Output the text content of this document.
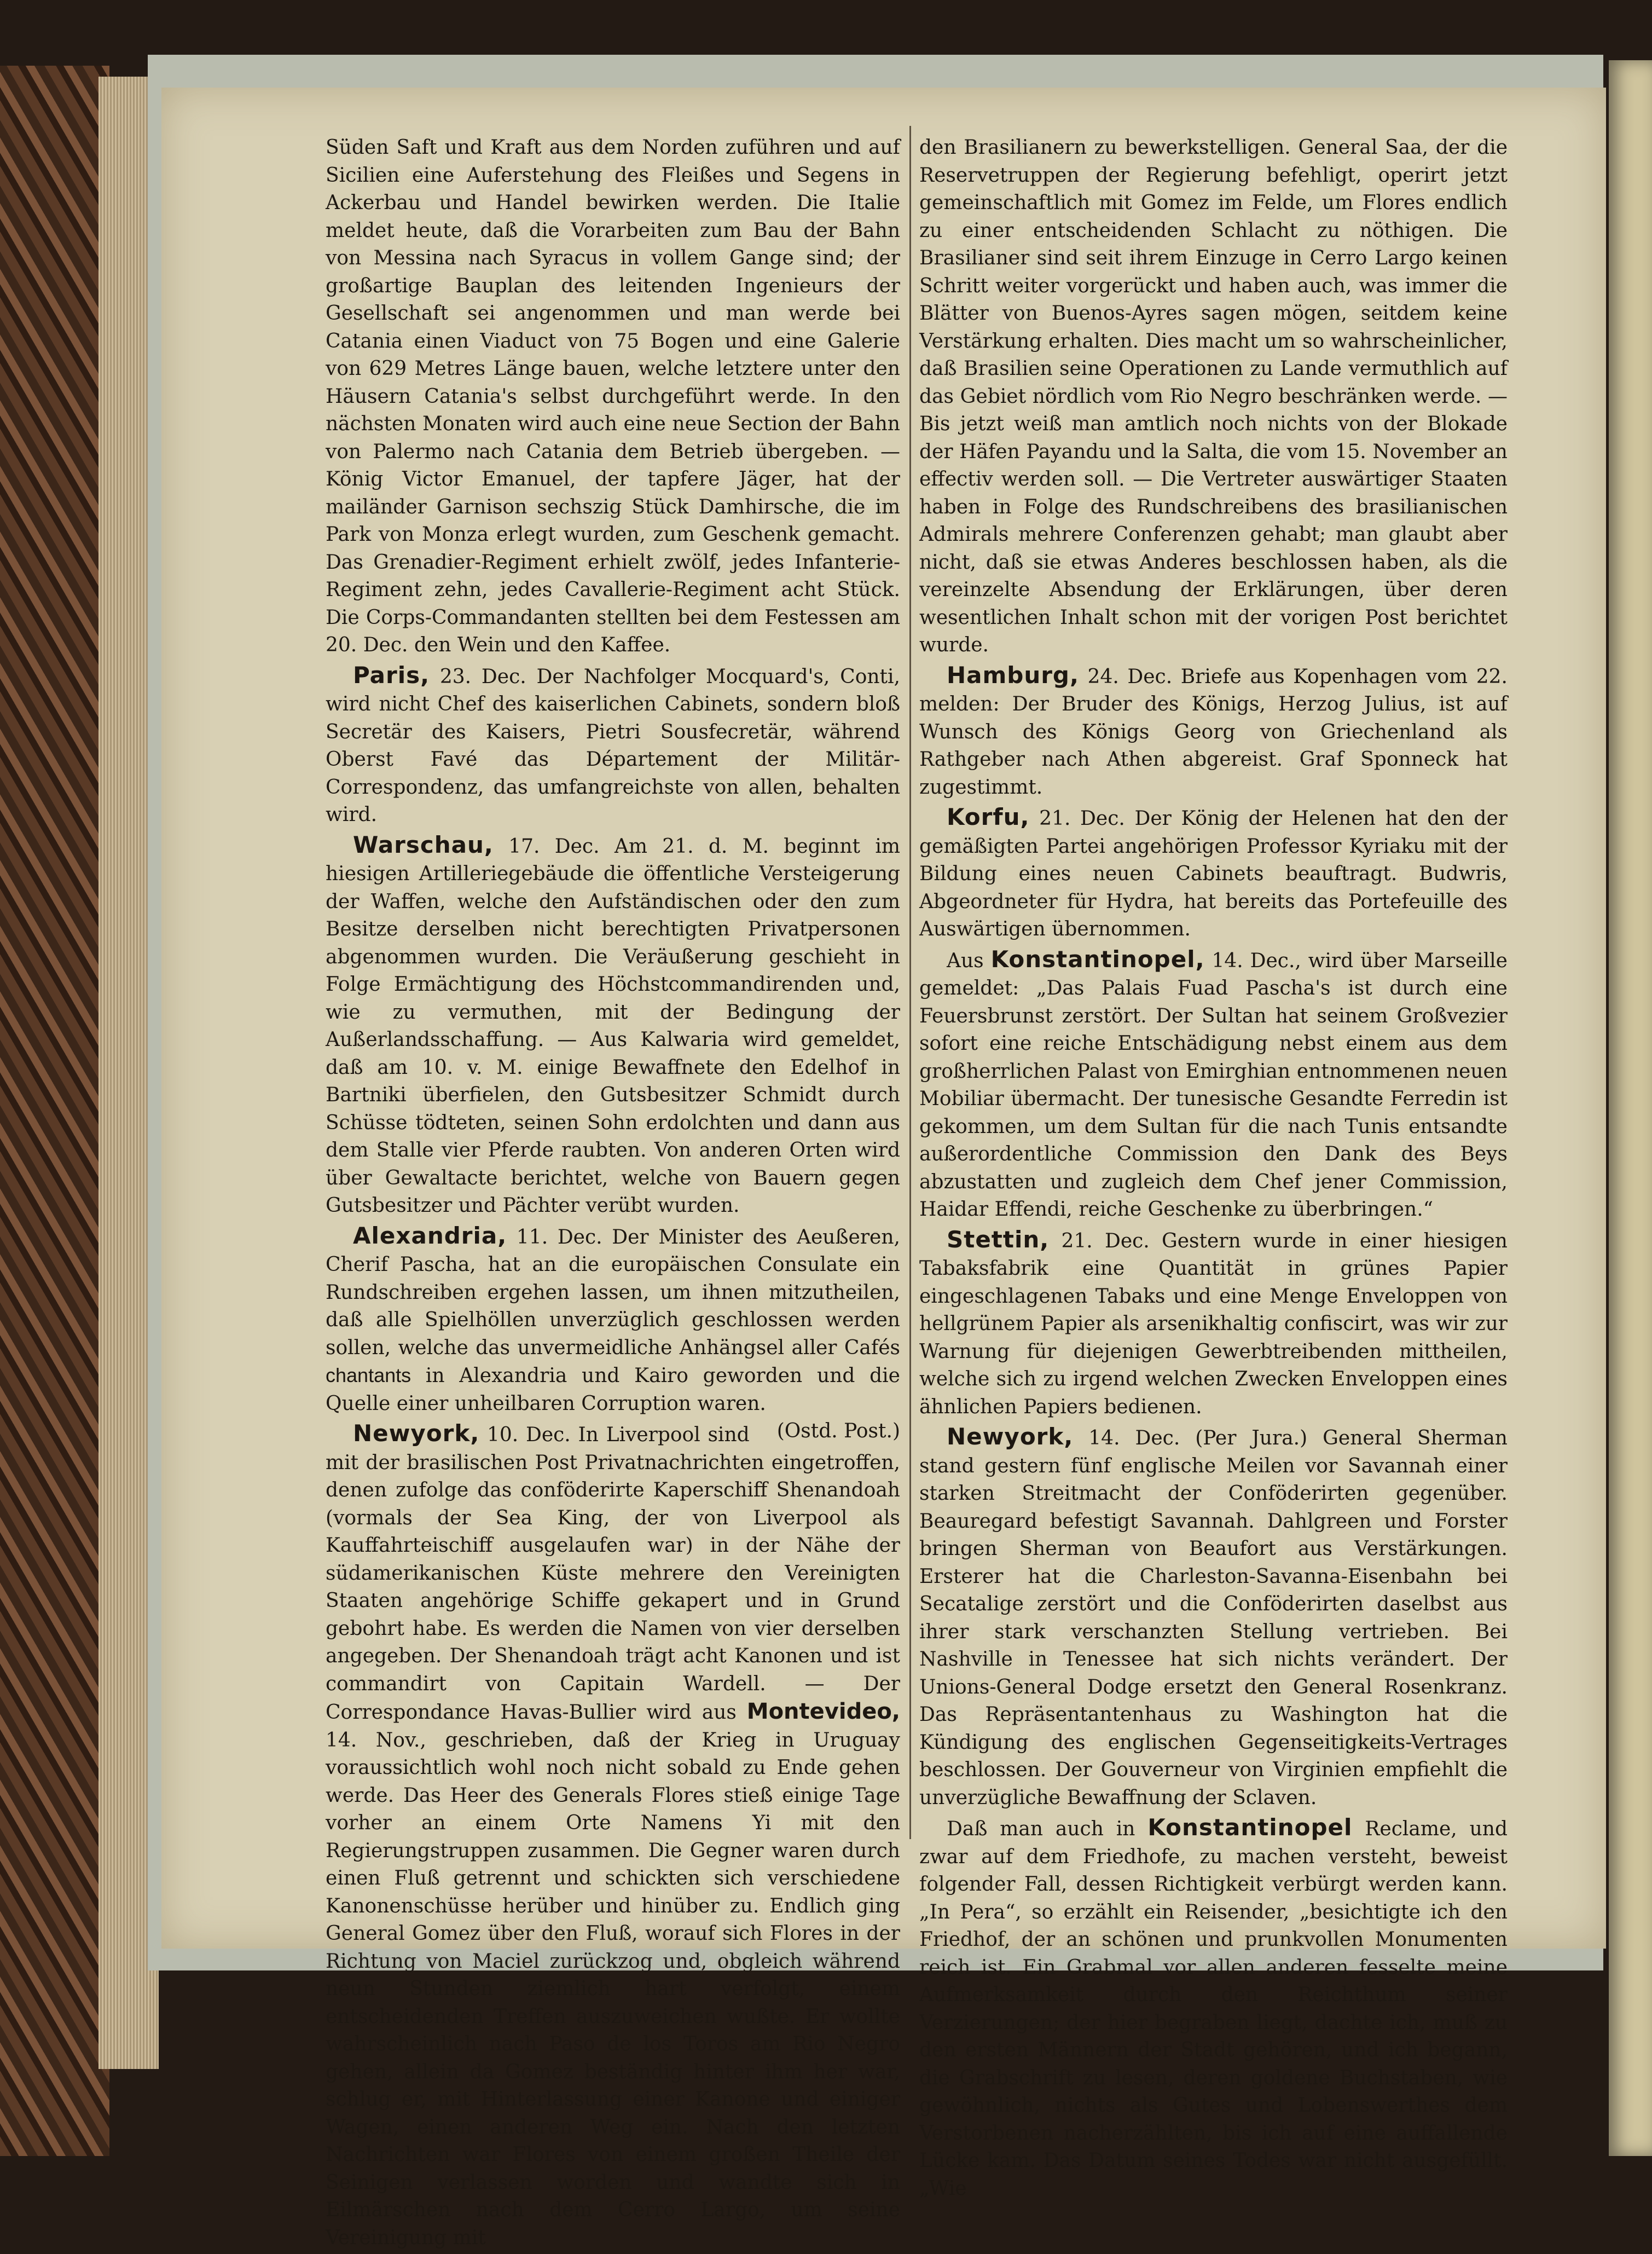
Süden Saft und Kraft aus dem Norden zuführen und auf Sicilien eine Auferstehung des Fleißes und Segens in Ackerbau und Handel bewirken werden. Die Italie meldet heute, daß die Vorarbeiten zum Bau der Bahn von Messina nach Syracus in vollem Gange sind; der großartige Bauplan des leitenden Ingenieurs der Gesellschaft sei angenommen und man werde bei Catania einen Viaduct von 75 Bogen und eine Galerie von 629 Metres Länge bauen, welche letztere unter den Häusern Catania's selbst durchgeführt werde. In den nächsten Monaten wird auch eine neue Section der Bahn von Palermo nach Catania dem Betrieb übergeben. — König Victor Emanuel, der tapfere Jäger, hat der mailänder Garnison sechszig Stück Damhirsche, die im Park von Monza erlegt wurden, zum Geschenk gemacht. Das Grenadier-Regiment erhielt zwölf, jedes Infanterie-Regiment zehn, jedes Cavallerie-Regiment acht Stück. Die Corps-Commandanten stellten bei dem Festessen am 20. Dec. den Wein und den Kaffee.

Paris, 23. Dec. Der Nachfolger Mocquard's, Conti, wird nicht Chef des kaiserlichen Cabinets, sondern bloß Secretär des Kaisers, Pietri Sousfecretär, während Oberst Favé das Département der Militär-Correspondenz, das umfangreichste von allen, behalten wird.

Warschau, 17. Dec. Am 21. d. M. beginnt im hiesigen Artilleriegebäude die öffentliche Versteigerung der Waffen, welche den Aufständischen oder den zum Besitze derselben nicht berechtigten Privatpersonen abgenommen wurden. Die Veräußerung geschieht in Folge Ermächtigung des Höchstcommandirenden und, wie zu vermuthen, mit der Bedingung der Außerlandsschaffung. — Aus Kalwaria wird gemeldet, daß am 10. v. M. einige Bewaffnete den Edelhof in Bartniki überfielen, den Gutsbesitzer Schmidt durch Schüsse tödteten, seinen Sohn erdolchten und dann aus dem Stalle vier Pferde raubten. Von anderen Orten wird über Gewaltacte berichtet, welche von Bauern gegen Gutsbesitzer und Pächter verübt wurden.

Alexandria, 11. Dec. Der Minister des Aeußeren, Cherif Pascha, hat an die europäischen Consulate ein Rundschreiben ergehen lassen, um ihnen mitzutheilen, daß alle Spielhöllen unverzüglich geschlossen werden sollen, welche das unvermeidliche Anhängsel aller Cafés chantants in Alexandria und Kairo geworden und die Quelle einer unheilbaren Corruption waren.
(Ostd. Post.)

Newyork, 10. Dec. In Liverpool sind mit der brasilischen Post Privatnachrichten eingetroffen, denen zufolge das conföderirte Kaperschiff Shenandoah (vormals der Sea King, der von Liverpool als Kauffahrteischiff ausgelaufen war) in der Nähe der südamerikanischen Küste mehrere den Vereinigten Staaten angehörige Schiffe gekapert und in Grund gebohrt habe. Es werden die Namen von vier derselben angegeben. Der Shenandoah trägt acht Kanonen und ist commandirt von Capitain Wardell. — Der Correspondance Havas-Bullier wird aus Montevideo, 14. Nov., geschrieben, daß der Krieg in Uruguay voraussichtlich wohl noch nicht sobald zu Ende gehen werde. Das Heer des Generals Flores stieß einige Tage vorher an einem Orte Namens Yi mit den Regierungstruppen zusammen. Die Gegner waren durch einen Fluß getrennt und schickten sich verschiedene Kanonenschüsse herüber und hinüber zu. Endlich ging General Gomez über den Fluß, worauf sich Flores in der Richtung von Maciel zurückzog und, obgleich während neun Stunden ziemlich hart verfolgt, einem entscheidenden Treffen auszuweichen wußte. Er wollte wahrscheinlich nach Paso de los Toros am Rio Negro gehen, allein da Gomez beständig hinter ihm her war, schlug er, mit Hinterlassung einer Kanone und einiger Wagen, einen anderen Weg ein. Nach den letzten Nachrichten war Flores von einem großen Theile der Seinigen verlassen worden und wandte sich in Eilmärschen nach dem Cerro Largo, um seine Vereinigung mit

den Brasilianern zu bewerkstelligen. General Saa, der die Reservetruppen der Regierung befehligt, operirt jetzt gemeinschaftlich mit Gomez im Felde, um Flores endlich zu einer entscheidenden Schlacht zu nöthigen. Die Brasilianer sind seit ihrem Einzuge in Cerro Largo keinen Schritt weiter vorgerückt und haben auch, was immer die Blätter von Buenos-Ayres sagen mögen, seitdem keine Verstärkung erhalten. Dies macht um so wahrscheinlicher, daß Brasilien seine Operationen zu Lande vermuthlich auf das Gebiet nördlich vom Rio Negro beschränken werde. — Bis jetzt weiß man amtlich noch nichts von der Blokade der Häfen Payandu und la Salta, die vom 15. November an effectiv werden soll. — Die Vertreter auswärtiger Staaten haben in Folge des Rundschreibens des brasilianischen Admirals mehrere Conferenzen gehabt; man glaubt aber nicht, daß sie etwas Anderes beschlossen haben, als die vereinzelte Absendung der Erklärungen, über deren wesentlichen Inhalt schon mit der vorigen Post berichtet wurde.

Hamburg, 24. Dec. Briefe aus Kopenhagen vom 22. melden: Der Bruder des Königs, Herzog Julius, ist auf Wunsch des Königs Georg von Griechenland als Rathgeber nach Athen abgereist. Graf Sponneck hat zugestimmt.

Korfu, 21. Dec. Der König der Helenen hat den der gemäßigten Partei angehörigen Professor Kyriaku mit der Bildung eines neuen Cabinets beauftragt. Budwris, Abgeordneter für Hydra, hat bereits das Portefeuille des Auswärtigen übernommen.

Aus Konstantinopel, 14. Dec., wird über Marseille gemeldet: „Das Palais Fuad Pascha's ist durch eine Feuersbrunst zerstört. Der Sultan hat seinem Großvezier sofort eine reiche Entschädigung nebst einem aus dem großherrlichen Palast von Emirghian entnommenen neuen Mobiliar übermacht. Der tunesische Gesandte Ferredin ist gekommen, um dem Sultan für die nach Tunis entsandte außerordentliche Commission den Dank des Beys abzustatten und zugleich dem Chef jener Commission, Haidar Effendi, reiche Geschenke zu überbringen.“

Stettin, 21. Dec. Gestern wurde in einer hiesigen Tabaksfabrik eine Quantität in grünes Papier eingeschlagenen Tabaks und eine Menge Enveloppen von hellgrünem Papier als arsenikhaltig confiscirt, was wir zur Warnung für diejenigen Gewerbtreibenden mittheilen, welche sich zu irgend welchen Zwecken Enveloppen eines ähnlichen Papiers bedienen.

Newyork, 14. Dec. (Per Jura.) General Sherman stand gestern fünf englische Meilen vor Savannah einer starken Streitmacht der Conföderirten gegenüber. Beauregard befestigt Savannah. Dahlgreen und Forster bringen Sherman von Beaufort aus Verstärkungen. Ersterer hat die Charleston-Savanna-Eisenbahn bei Secatalige zerstört und die Conföderirten daselbst aus ihrer stark verschanzten Stellung vertrieben. Bei Nashville in Tenessee hat sich nichts verändert. Der Unions-General Dodge ersetzt den General Rosenkranz. Das Repräsentantenhaus zu Washington hat die Kündigung des englischen Gegenseitigkeits-Vertrages beschlossen. Der Gouverneur von Virginien empfiehlt die unverzügliche Bewaffnung der Sclaven.

Daß man auch in Konstantinopel Reclame, und zwar auf dem Friedhofe, zu machen versteht, beweist folgender Fall, dessen Richtigkeit verbürgt werden kann. „In Pera“, so erzählt ein Reisender, „besichtigte ich den Friedhof, der an schönen und prunkvollen Monumenten reich ist. Ein Grabmal vor allen anderen fesselte meine Aufmerksamkeit durch den Reichthum seiner Verzierungen; der hier begraben liegt, dachte ich, muß zu den ersten Männern der Stadt gehören, und ich begann, die Grabschrift zu lesen, deren goldene Buchstaben, wie gewöhnlich, nichts als Gutes und Lobenswerthes dem Verstorbenen nacherzählten, bis ich auf eine auffallende Lücke kam. Das Datum seines Todes war nicht ausgefüllt. „Wie
